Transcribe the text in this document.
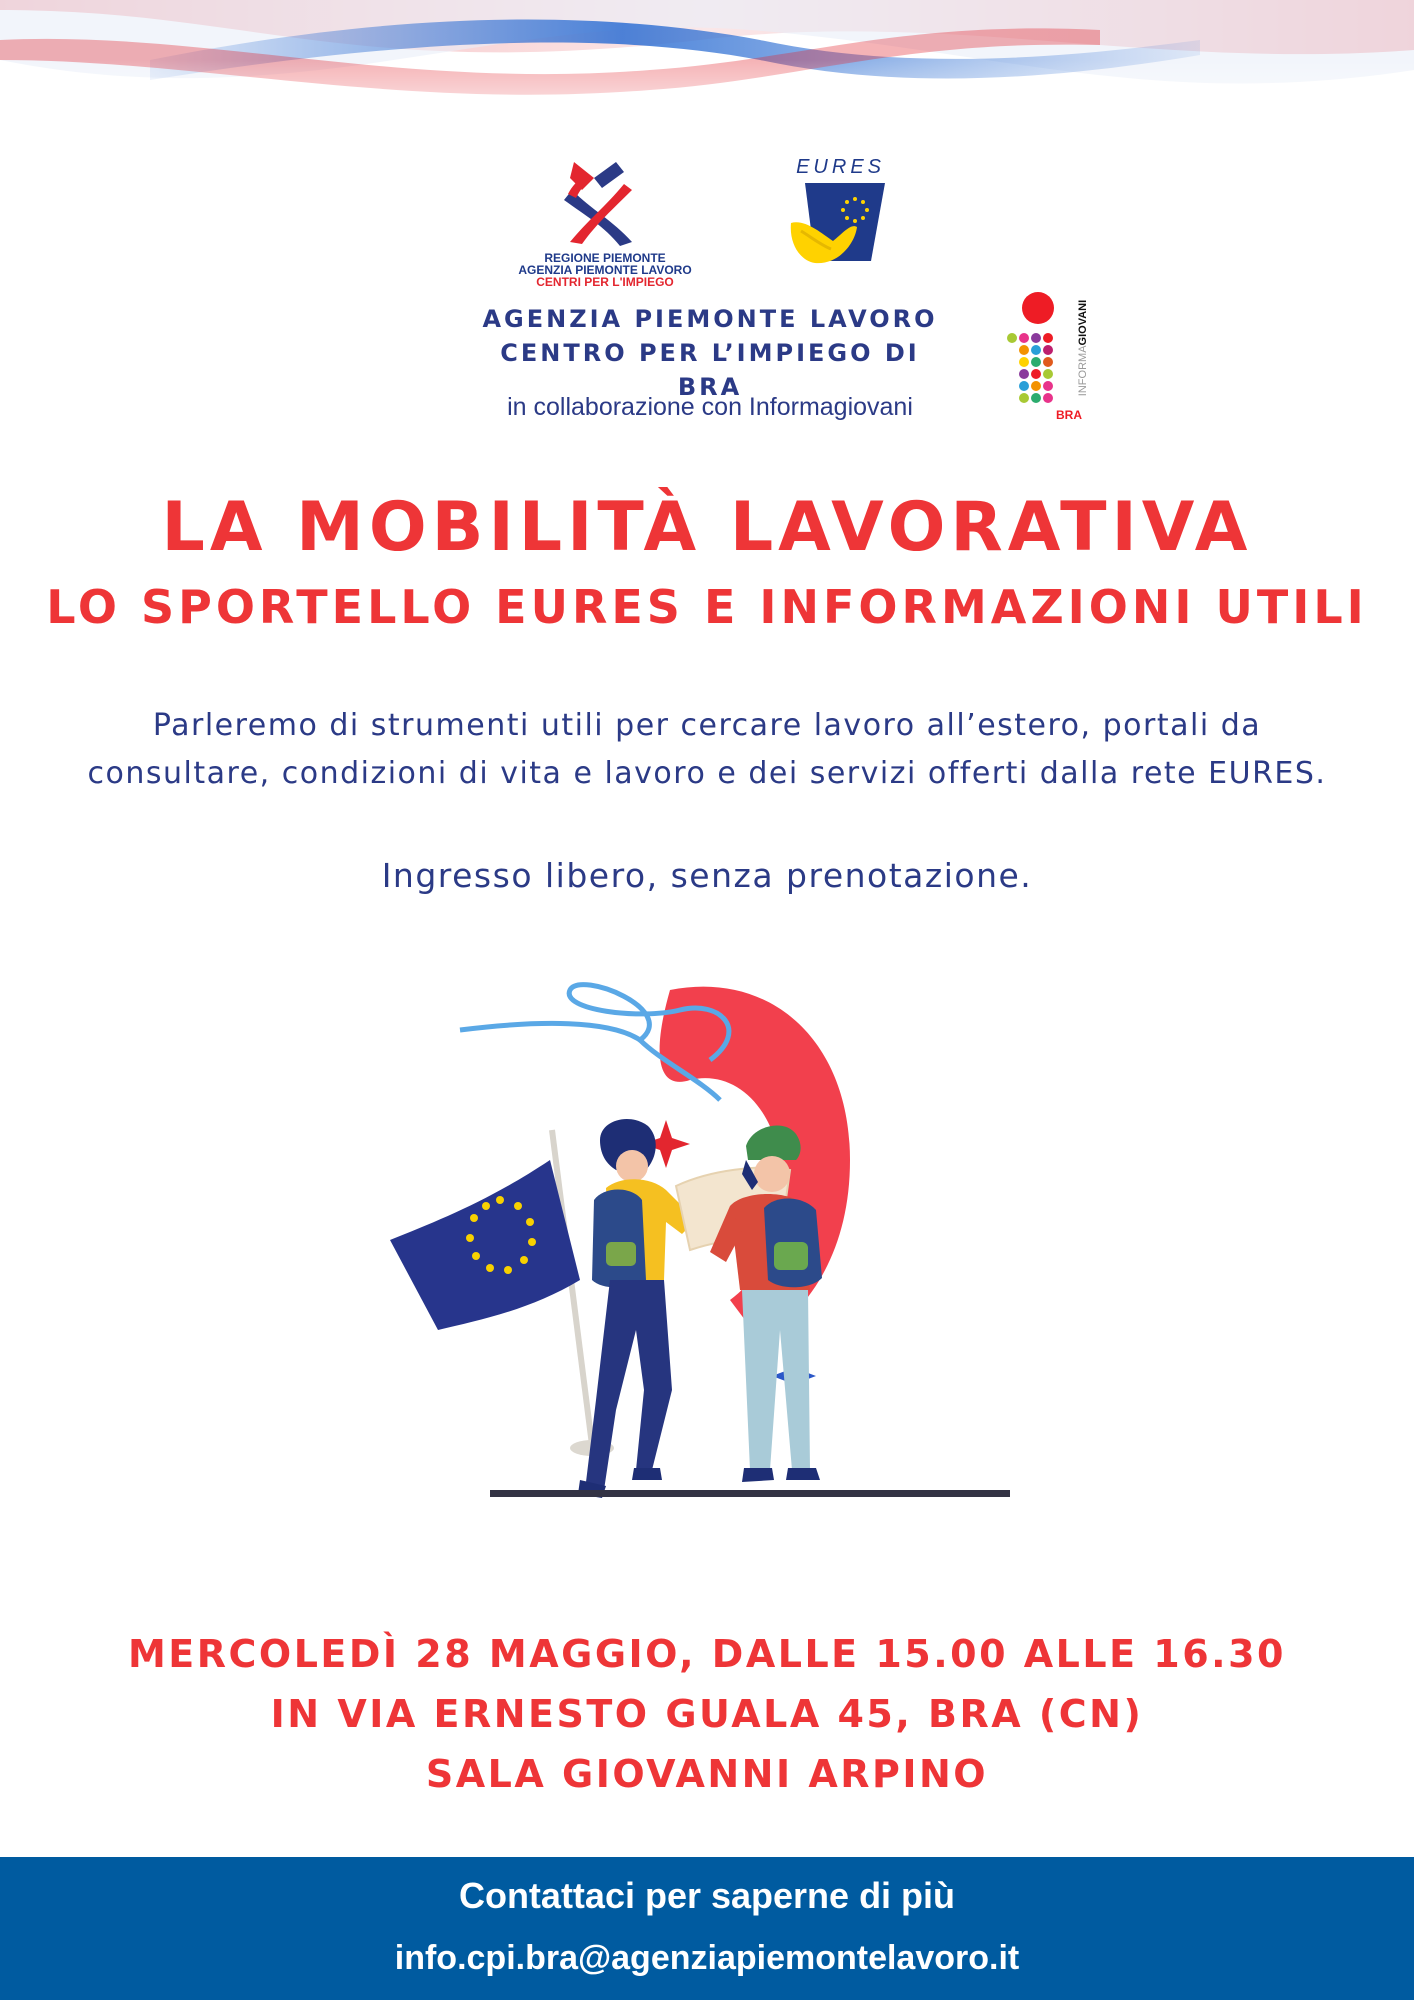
REGIONE PIEMONTE
AGENZIA PIEMONTE LAVORO
CENTRI PER L'IMPIEGO
EURES
AGENZIA PIEMONTE LAVORO
CENTRO PER L’IMPIEGO DI BRA
in collaborazione con Informagiovani
INFORMAGIOVANI
BRA
LA MOBILITÀ LAVORATIVA
LO SPORTELLO EURES E INFORMAZIONI UTILI
Parleremo di strumenti utili per cercare lavoro all’estero, portali da
consultare, condizioni di vita e lavoro e dei servizi offerti dalla rete EURES.
Ingresso libero, senza prenotazione.
MERCOLEDÌ 28 MAGGIO, DALLE 15.00 ALLE 16.30
IN VIA ERNESTO GUALA 45, BRA (CN)
SALA GIOVANNI ARPINO
Contattaci per saperne di più
info.cpi.bra@agenziapiemontelavoro.it
